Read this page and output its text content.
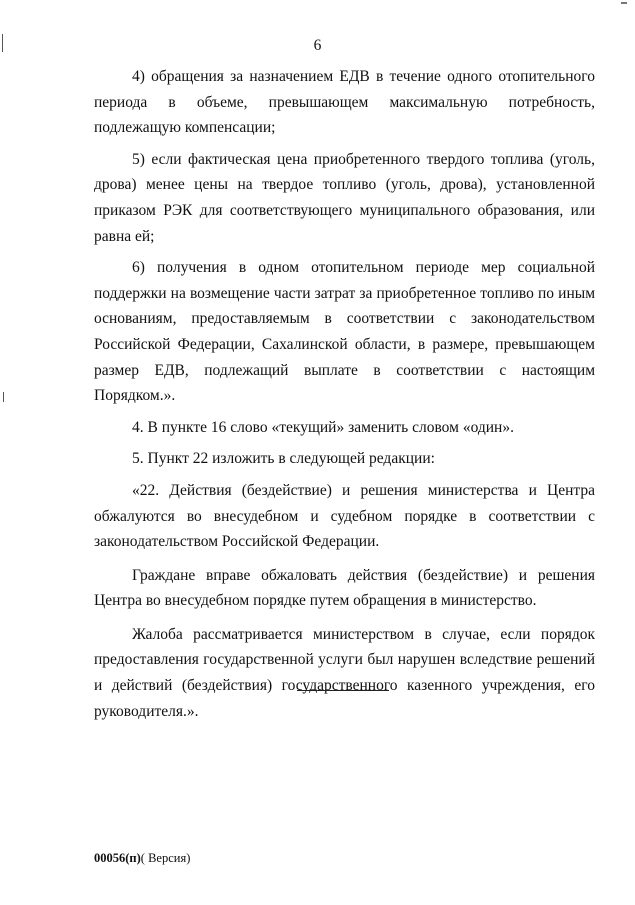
6

4) обращения за назначением ЕДВ в течение одного отопительного периода в объеме, превышающем максимальную потребность, подлежащую компенсации;

5) если фактическая цена приобретенного твердого топлива (уголь, дрова) менее цены на твердое топливо (уголь, дрова), установленной приказом РЭК для соответствующего муниципального образования, или равна ей;

6) получения в одном отопительном периоде мер социальной поддержки на возмещение части затрат за приобретенное топливо по иным основаниям, предоставляемым в соответствии с законодательством Российской Федерации, Сахалинской области, в размере, превышающем размер ЕДВ, подлежащий выплате в соответствии с настоящим Порядком.».

4. В пункте 16 слово «текущий» заменить словом «один».

5. Пункт 22 изложить в следующей редакции:

«22. Действия (бездействие) и решения министерства и Центра обжалуются во внесудебном и судебном порядке в соответствии с законодательством Российской Федерации.

Граждане вправе обжаловать действия (бездействие) и решения Центра во внесудебном порядке путем обращения в министерство.

Жалоба рассматривается министерством в случае, если порядок предоставления государственной услуги был нарушен вследствие решений и действий (бездействия) государственного казенного учреждения, его руководителя.».

00056(п)( Версия)
